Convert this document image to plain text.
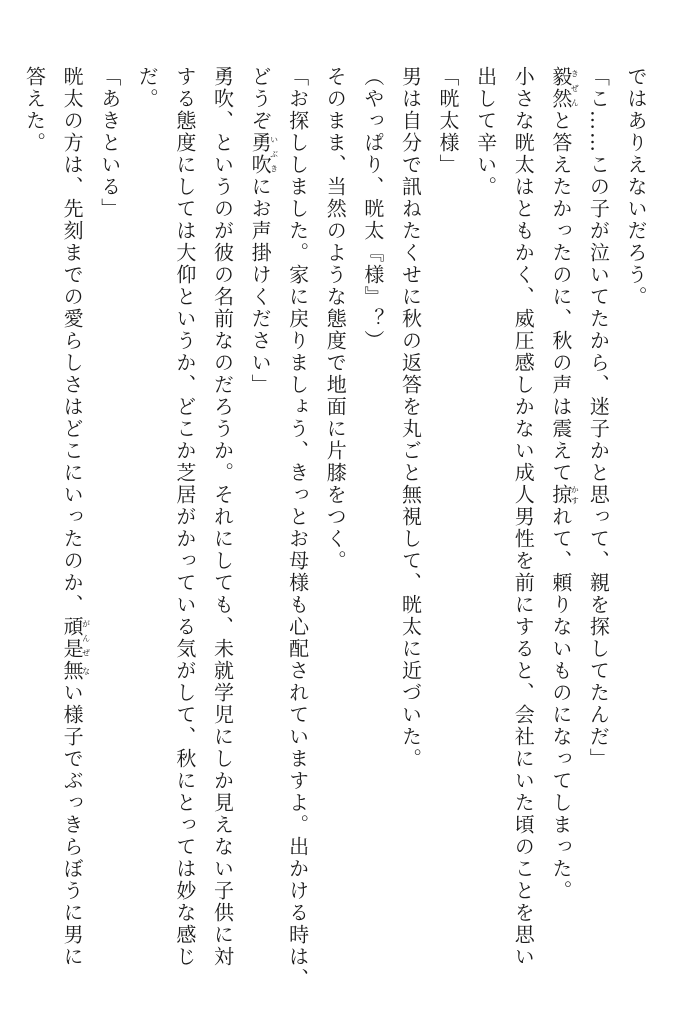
ではありえないだろう。

「こ……この子が泣いてたから、迷子かと思って、親を探してたんだ」

毅然きぜんと答えたかったのに、秋の声は震えて掠かすれて、頼りないものになってしまった。

小さな晄太はともかく、威圧感しかない成人男性を前にすると、会社にいた頃のことを思い

出して辛い。

「晄太様」

男は自分で訊ねたくせに秋の返答を丸ごと無視して、晄太に近づいた。

（やっぱり、晄太『様』？）

そのまま、当然のような態度で地面に片膝をつく。

「お探ししました。家に戻りましょう、きっとお母様も心配されていますよ。出かける時は、

どうぞ勇吹いぶきにお声掛けください」

勇吹、というのが彼の名前なのだろうか。それにしても、未就学児にしか見えない子供に対

する態度にしては大仰というか、どこか芝居がかっている気がして、秋にとっては妙な感じ

だ。

「あきといる」

晄太の方は、先刻までの愛らしさはどこにいったのか、頑是がんぜ無ない様子でぶっきらぼうに男に

答えた。
